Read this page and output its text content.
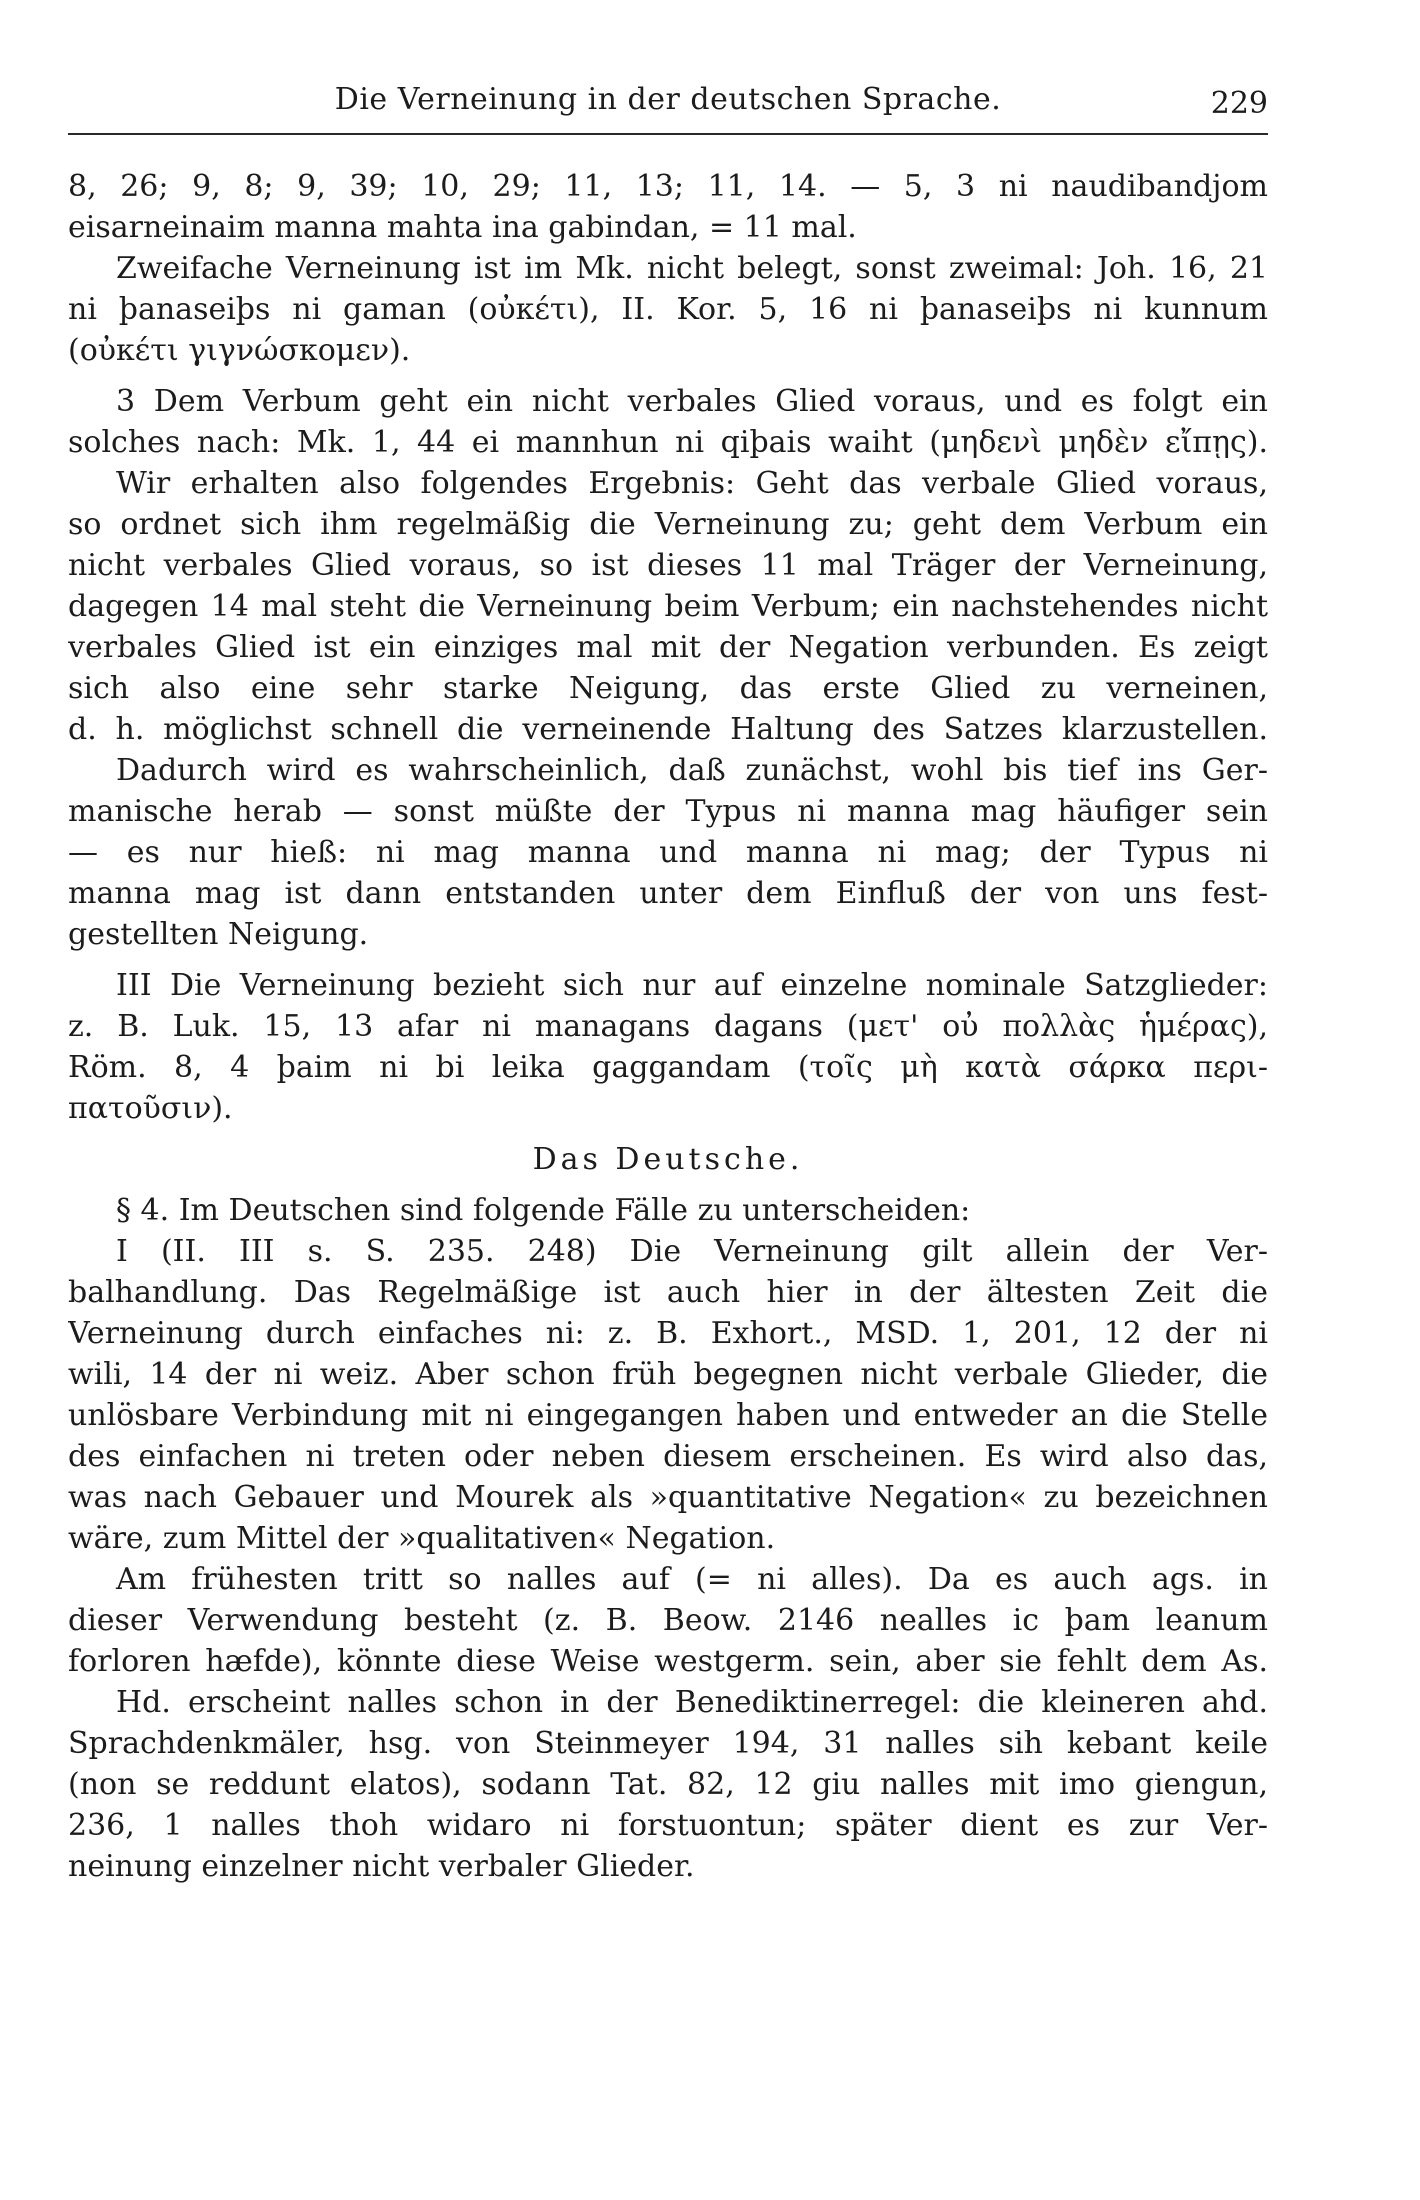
Die Verneinung in der deutschen Sprache.	229
8, 26; 9, 8; 9, 39; 10, 29; 11, 13; 11, 14. — 5, 3 ni naudibandjom
eisarneinaim manna mahta ina gabindan, = 11 mal.
Zweifache Verneinung ist im Mk. nicht belegt, sonst zweimal: Joh. 16, 21
ni þanaseiþs ni gaman (οὐκέτι), II. Kor. 5, 16 ni þanaseiþs ni kunnum
(οὐκέτι γιγνώσκομεν).
3 Dem Verbum geht ein nicht verbales Glied voraus, und es folgt ein
solches nach: Mk. 1, 44 ei mannhun ni qiþais waiht (μηδενὶ μηδὲν εἴπῃς).
Wir erhalten also folgendes Ergebnis: Geht das verbale Glied voraus,
so ordnet sich ihm regelmäßig die Verneinung zu; geht dem Verbum ein
nicht verbales Glied voraus, so ist dieses 11 mal Träger der Verneinung,
dagegen 14 mal steht die Verneinung beim Verbum; ein nachstehendes nicht
verbales Glied ist ein einziges mal mit der Negation verbunden. Es zeigt
sich also eine sehr starke Neigung, das erste Glied zu verneinen,
d. h. möglichst schnell die verneinende Haltung des Satzes klarzustellen.
Dadurch wird es wahrscheinlich, daß zunächst, wohl bis tief ins Ger-
manische herab — sonst müßte der Typus ni manna mag häufiger sein
— es nur hieß: ni mag manna und manna ni mag; der Typus ni
manna mag ist dann entstanden unter dem Einfluß der von uns fest-
gestellten Neigung.
III Die Verneinung bezieht sich nur auf einzelne nominale Satzglieder:
z. B. Luk. 15, 13 afar ni managans dagans (μετ' οὐ πολλὰς ἡμέρας),
Röm. 8, 4 þaim ni bi leika gaggandam (τοῖς μὴ κατὰ σάρκα περι-
πατοῦσιν).
Das Deutsche.
§ 4. Im Deutschen sind folgende Fälle zu unterscheiden:
I (II. III s. S. 235. 248) Die Verneinung gilt allein der Ver-
balhandlung. Das Regelmäßige ist auch hier in der ältesten Zeit die
Verneinung durch einfaches ni: z. B. Exhort., MSD. 1, 201, 12 der ni
wili, 14 der ni weiz. Aber schon früh begegnen nicht verbale Glieder, die
unlösbare Verbindung mit ni eingegangen haben und entweder an die Stelle
des einfachen ni treten oder neben diesem erscheinen. Es wird also das,
was nach Gebauer und Mourek als »quantitative Negation« zu bezeichnen
wäre, zum Mittel der »qualitativen« Negation.
Am frühesten tritt so nalles auf (= ni alles). Da es auch ags. in
dieser Verwendung besteht (z. B. Beow. 2146 nealles ic þam leanum
forloren hæfde), könnte diese Weise westgerm. sein, aber sie fehlt dem As.
Hd. erscheint nalles schon in der Benediktinerregel: die kleineren ahd.
Sprachdenkmäler, hsg. von Steinmeyer 194, 31 nalles sih kebant keile
(non se reddunt elatos), sodann Tat. 82, 12 giu nalles mit imo giengun,
236, 1 nalles thoh widaro ni forstuontun; später dient es zur Ver-
neinung einzelner nicht verbaler Glieder.
